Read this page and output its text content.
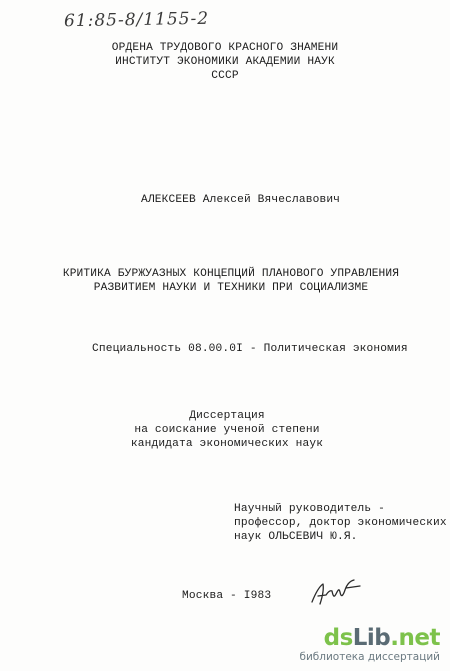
61:85-8/1155-2
ОРДЕНА ТРУДОВОГО КРАСНОГО ЗНАМЕНИ
ИНСТИТУТ ЭКОНОМИКИ АКАДЕМИИ НАУК
СССР
АЛЕКСЕЕВ Алексей Вячеславович
КРИТИКА БУРЖУАЗНЫХ КОНЦЕПЦИЙ ПЛАНОВОГО УПРАВЛЕНИЯ
РАЗВИТИЕМ НАУКИ И ТЕХНИКИ ПРИ СОЦИАЛИЗМЕ
Специальность 08.00.0I - Политическая экономия
Диссертация
на соискание ученой степени
кандидата экономических наук
Научный руководитель -
профессор, доктор экономических
наук ОЛЬСЕВИЧ Ю.Я.
Москва - I983
dsLib.net
библиотека диссертаций
